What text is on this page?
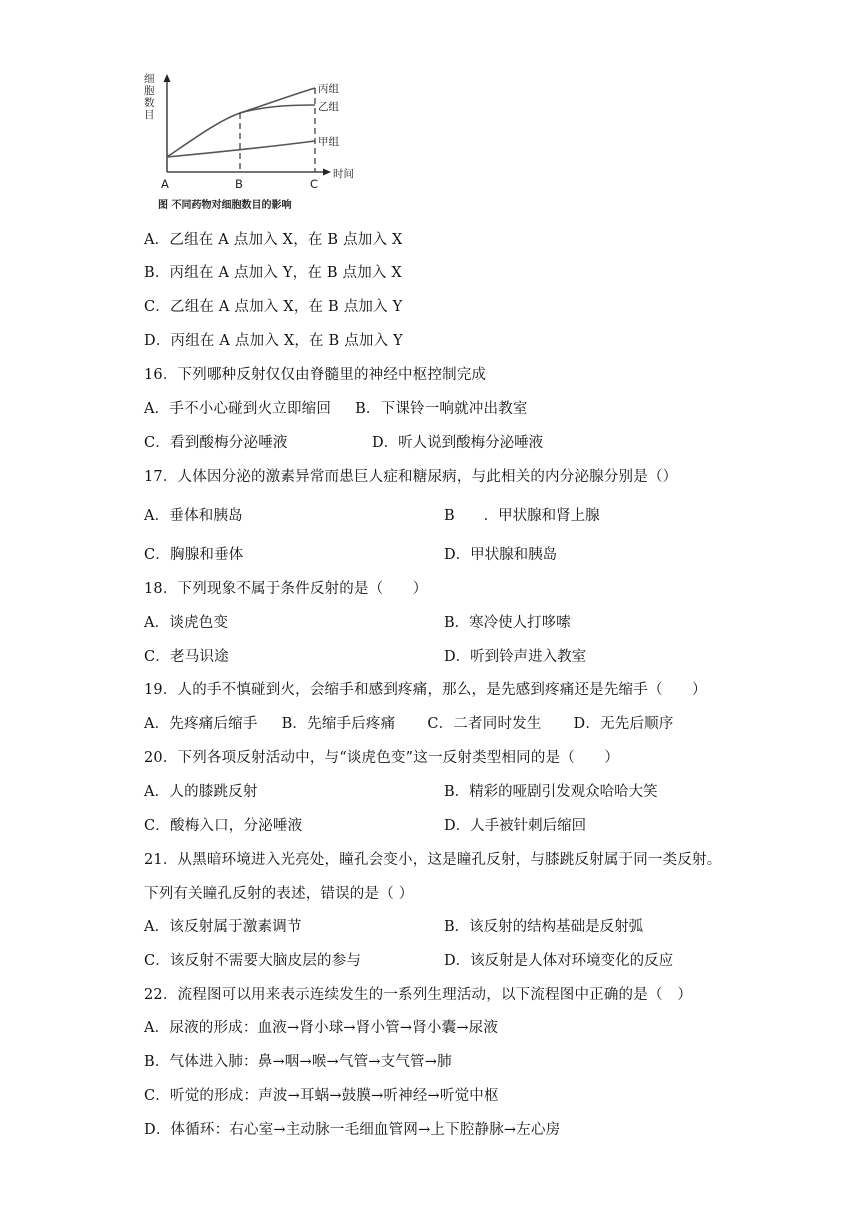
细胞数目
丙组
乙组
甲组
A	B	C
时间
图 不同药物对细胞数目的影响
A．乙组在 A 点加入 X，在 B 点加入 X
B．丙组在 A 点加入 Y，在 B 点加入 X
C．乙组在 A 点加入 X，在 B 点加入 Y
D．丙组在 A 点加入 X，在 B 点加入 Y
16．下列哪种反射仅仅由脊髓里的神经中枢控制完成
A．手不小心碰到火立即缩回 B．下课铃一响就冲出教室
C．看到酸梅分泌唾液	D．听人说到酸梅分泌唾液
17．人体因分泌的激素异常而患巨人症和糖尿病，与此相关的内分泌腺分别是（）
A．垂体和胰岛	B　　．甲状腺和肾上腺
C．胸腺和垂体	D．甲状腺和胰岛
18．下列现象不属于条件反射的是（　　）
A．谈虎色变	B．寒冷使人打哆嗦
C．老马识途	D．听到铃声进入教室
19．人的手不慎碰到火，会缩手和感到疼痛，那么，是先感到疼痛还是先缩手（　　）
A．先疼痛后缩手 B．先缩手后疼痛 C．二者同时发生 D．无先后顺序
20．下列各项反射活动中，与“谈虎色变”这一反射类型相同的是（　　）
A．人的膝跳反射	B．精彩的哑剧引发观众哈哈大笑
C．酸梅入口，分泌唾液	D．人手被针刺后缩回
21．从黑暗环境进入光亮处，瞳孔会变小，这是瞳孔反射，与膝跳反射属于同一类反射。
下列有关瞳孔反射的表述，错误的是（ ）
A．该反射属于激素调节	B．该反射的结构基础是反射弧
C．该反射不需要大脑皮层的参与	D．该反射是人体对环境变化的反应
22．流程图可以用来表示连续发生的一系列生理活动，以下流程图中正确的是（　）
A．尿液的形成：血液→肾小球→肾小管→肾小囊→尿液
B．气体进入肺：鼻→咽→喉→气管→支气管→肺
C．听觉的形成：声波→耳蜗→鼓膜→听神经→听觉中枢
D．体循环：右心室→主动脉一毛细血管网→上下腔静脉→左心房
